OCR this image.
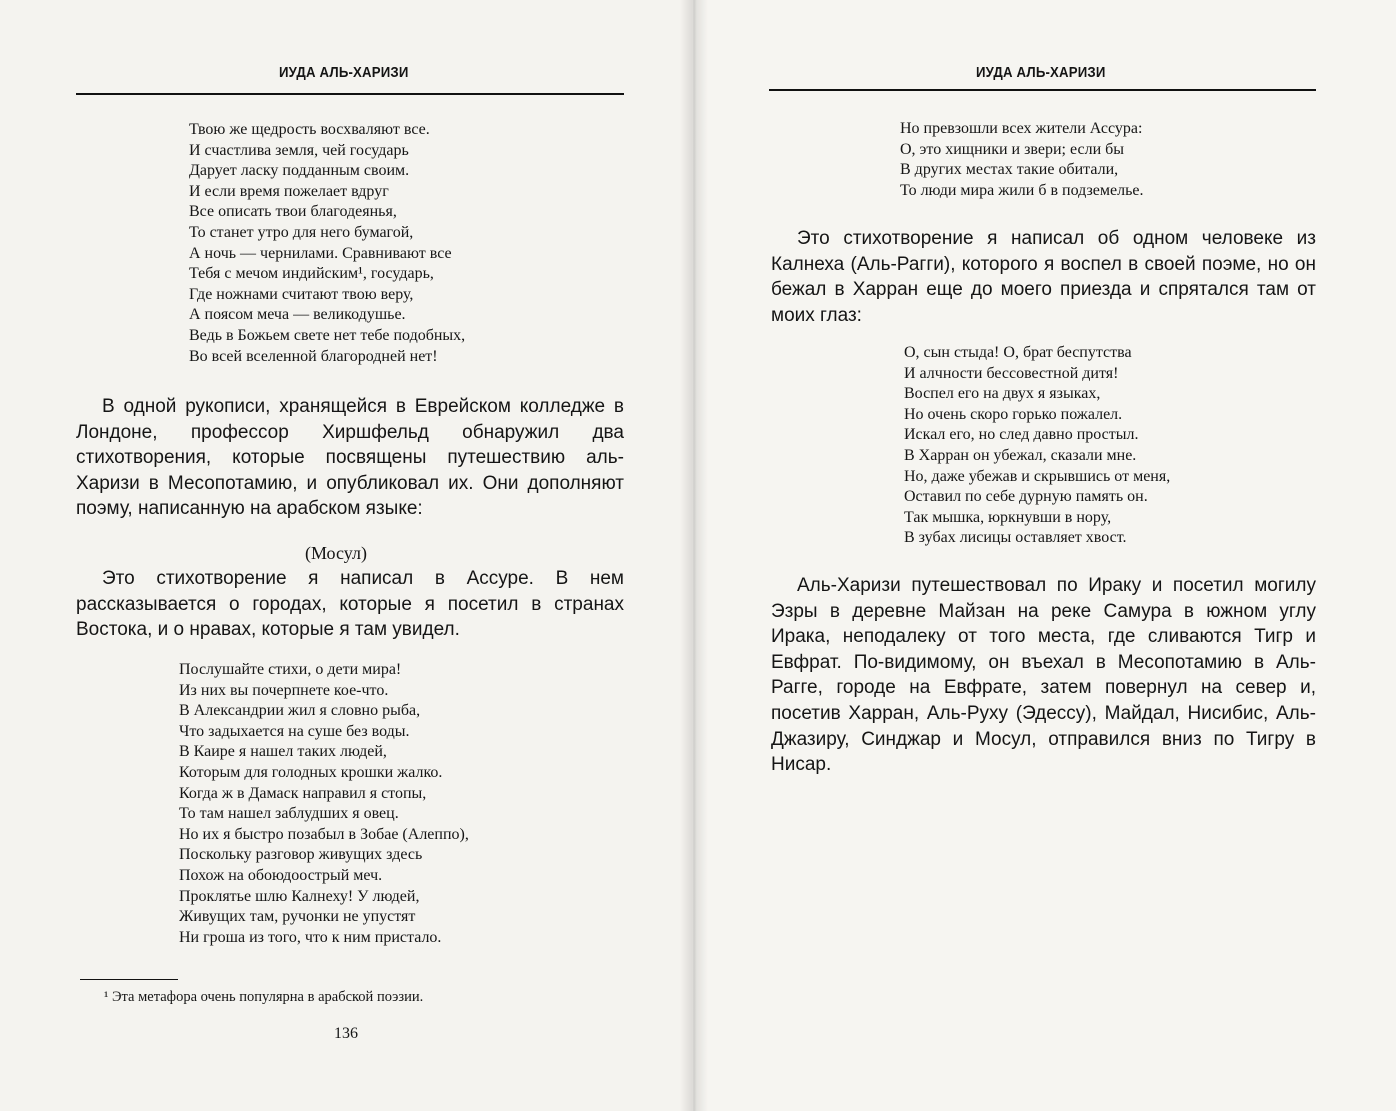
ИУДА АЛЬ-ХАРИЗИ
Твою же щедрость восхваляют все.
И счастлива земля, чей государь
Дарует ласку подданным своим.
И если время пожелает вдруг
Все описать твои благодеянья,
То станет утро для него бумагой,
А ночь — чернилами. Сравнивают все
Тебя с мечом индийским¹, государь,
Где ножнами считают твою веру,
А поясом меча — великодушье.
Ведь в Божьем свете нет тебе подобных,
Во всей вселенной благородней нет!

В одной рукописи, хранящейся в Еврейском колледже в Лондоне, профессор Хиршфельд обнаружил два стихотворения, которые посвящены путешествию аль-Харизи в Месопотамию, и опубликовал их. Они дополняют поэму, написанную на арабском языке:

(Мосул)

Это стихотворение я написал в Ассуре. В нем рассказывается о городах, которые я посетил в странах Востока, и о нравах, которые я там увидел.

Послушайте стихи, о дети мира!
Из них вы почерпнете кое-что.
В Александрии жил я словно рыба,
Что задыхается на суше без воды.
В Каире я нашел таких людей,
Которым для голодных крошки жалко.
Когда ж в Дамаск направил я стопы,
То там нашел заблудших я овец.
Но их я быстро позабыл в Зобае (Алеппо),
Поскольку разговор живущих здесь
Похож на обоюдоострый меч.
Проклятье шлю Калнеху! У людей,
Живущих там, ручонки не упустят
Ни гроша из того, что к ним пристало.
¹ Эта метафора очень популярна в арабской поэзии.
136
ИУДА АЛЬ-ХАРИЗИ
Но превзошли всех жители Ассура:
О, это хищники и звери; если бы
В других местах такие обитали,
То люди мира жили б в подземелье.

Это стихотворение я написал об одном человеке из Калнеха (Аль-Рагги), которого я воспел в своей поэме, но он бежал в Харран еще до моего приезда и спрятался там от моих глаз:

О, сын стыда! О, брат беспутства
И алчности бессовестной дитя!
Воспел его на двух я языках,
Но очень скоро горько пожалел.
Искал его, но след давно простыл.
В Харран он убежал, сказали мне.
Но, даже убежав и скрывшись от меня,
Оставил по себе дурную память он.
Так мышка, юркнувши в нору,
В зубах лисицы оставляет хвост.

Аль-Харизи путешествовал по Ираку и посетил могилу Эзры в деревне Майзан на реке Самура в южном углу Ирака, неподалеку от того места, где сливаются Тигр и Евфрат. По-видимому, он въехал в Месопотамию в Аль-Рагге, городе на Евфрате, затем повернул на север и, посетив Харран, Аль-Руху (Эдессу), Майдал, Нисибис, Аль-Джазиру, Синджар и Мосул, отправился вниз по Тигру в Нисар.
